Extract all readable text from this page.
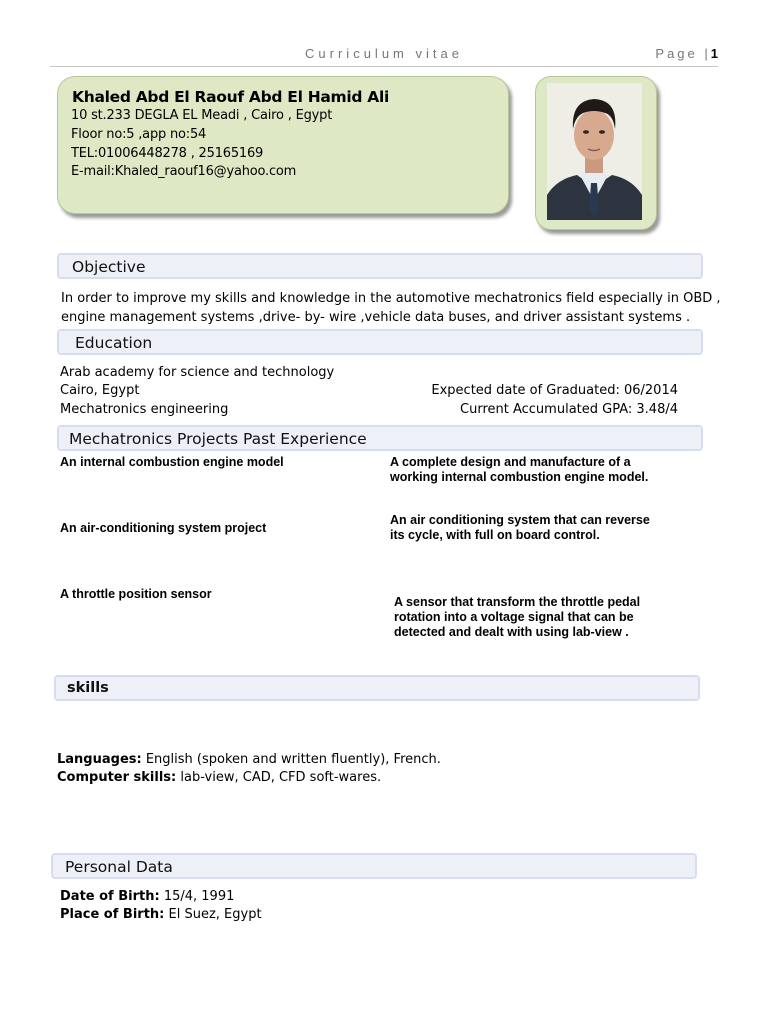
Curriculum vitae	Page |1
Khaled Abd El Raouf Abd El Hamid Ali
10 st.233 DEGLA EL Meadi , Cairo , Egypt
Floor no:5 ,app no:54
TEL:01006448278 , 25165169
E-mail:Khaled_raouf16@yahoo.com
Objective
In order to improve my skills and knowledge in the automotive mechatronics field especially in OBD ,
engine management systems ,drive- by- wire ,vehicle data buses, and driver assistant systems .
Education
Arab academy for science and technology
Cairo, Egypt
Mechatronics engineering
Expected date of Graduated: 06/2014
Current Accumulated GPA: 3.48/4
Mechatronics Projects Past Experience
An internal combustion engine model	A complete design and manufacture of a
working internal combustion engine model.
An air-conditioning system project
An air conditioning system that can reverse
its cycle, with full on board control.
A throttle position sensor
A sensor that transform the throttle pedal
rotation into a voltage signal that can be
detected and dealt with using lab-view .
skills
Languages: English (spoken and written fluently), French.
Computer skills: lab-view, CAD, CFD soft-wares.
Personal Data
Date of Birth: 15/4, 1991
Place of Birth: El Suez, Egypt
